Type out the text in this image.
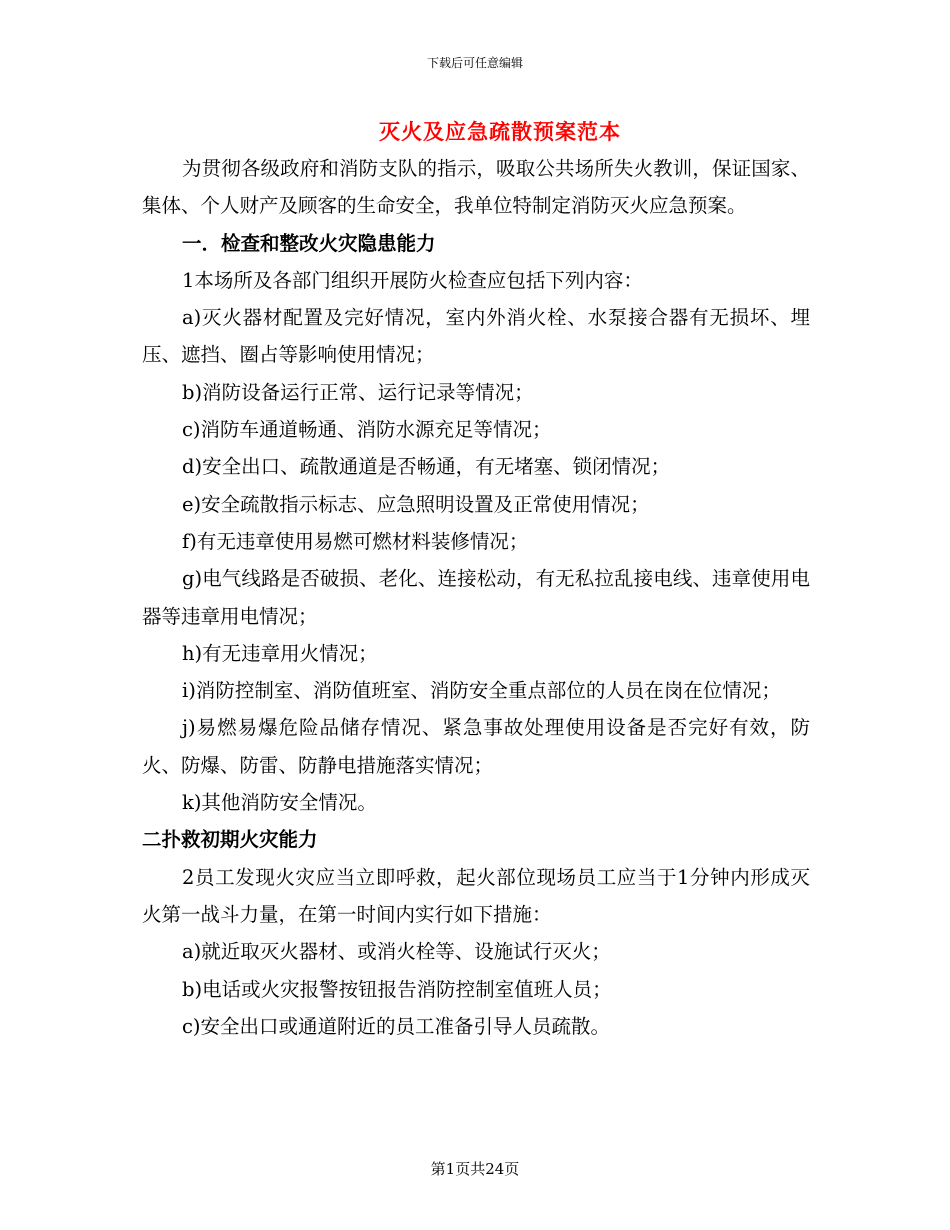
下载后可任意编辑
灭火及应急疏散预案范本

为贯彻各级政府和消防支队的指示，吸取公共场所失火教训，保证国家、集体、个人财产及顾客的生命安全，我单位特制定消防灭火应急预案。

一．检查和整改火灾隐患能力

1本场所及各部门组织开展防火检查应包括下列内容：

a)灭火器材配置及完好情况，室内外消火栓、水泵接合器有无损坏、埋压、遮挡、圈占等影响使用情况；

b)消防设备运行正常、运行记录等情况；

c)消防车通道畅通、消防水源充足等情况；

d)安全出口、疏散通道是否畅通，有无堵塞、锁闭情况；

e)安全疏散指示标志、应急照明设置及正常使用情况；

f)有无违章使用易燃可燃材料装修情况；

g)电气线路是否破损、老化、连接松动，有无私拉乱接电线、违章使用电器等违章用电情况；

h)有无违章用火情况；

i)消防控制室、消防值班室、消防安全重点部位的人员在岗在位情况；

j)易燃易爆危险品储存情况、紧急事故处理使用设备是否完好有效，防火、防爆、防雷、防静电措施落实情况；

k)其他消防安全情况。

二扑救初期火灾能力

2员工发现火灾应当立即呼救，起火部位现场员工应当于1分钟内形成灭火第一战斗力量，在第一时间内实行如下措施：

a)就近取灭火器材、或消火栓等、设施试行灭火；

b)电话或火灾报警按钮报告消防控制室值班人员；

c)安全出口或通道附近的员工准备引导人员疏散。

第1页共24页
